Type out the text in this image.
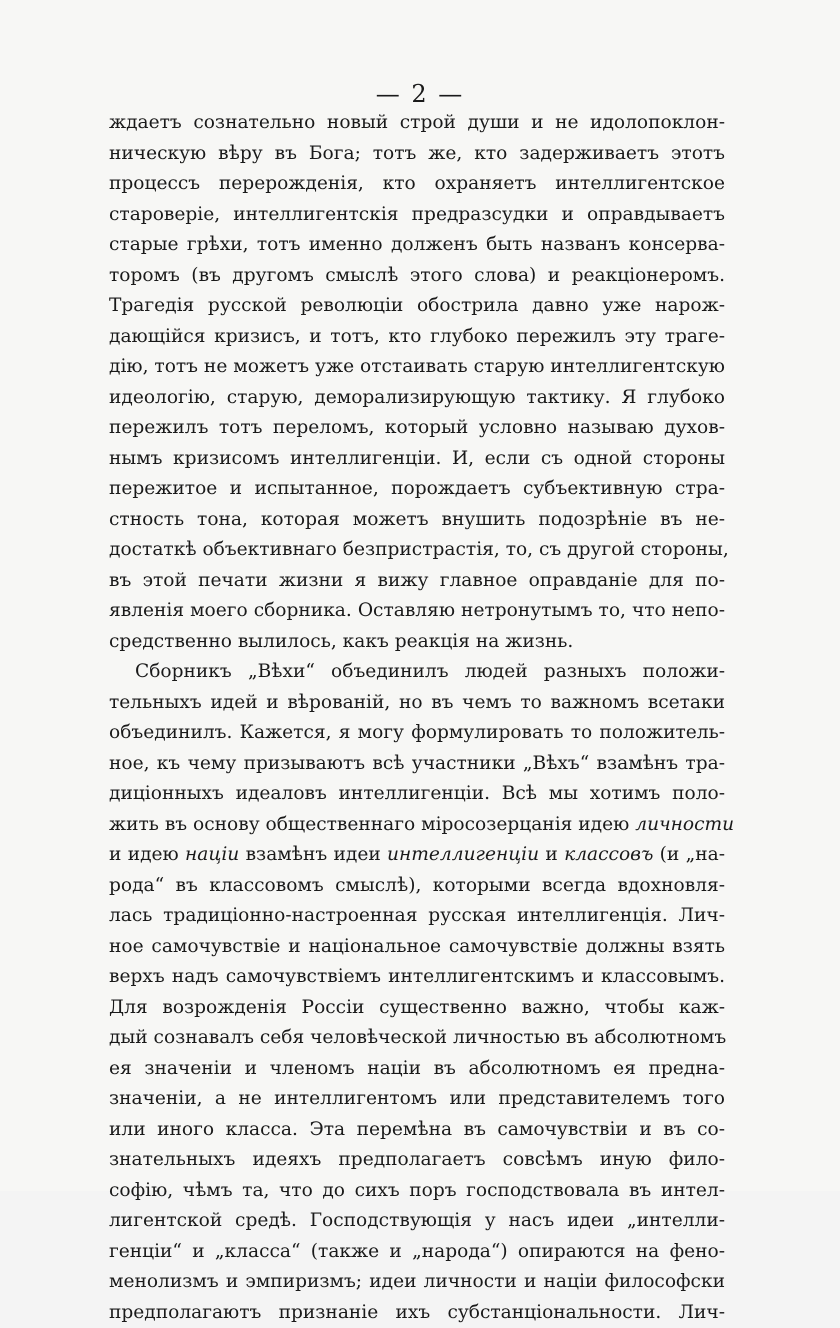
— 2 —
ждаетъ сознательно новый строй души и не идолопоклон-
ническую вѣру въ Бога; тотъ же, кто задерживаетъ этотъ
процессъ перерожденія, кто охраняетъ интеллигентское
староверіе, интеллигентскія предразсудки и оправдываетъ
старые грѣхи, тотъ именно долженъ быть названъ консерва-
торомъ (въ другомъ смыслѣ этого слова) и реакціонеромъ.
Трагедія русской революціи обострила давно уже нарож-
дающійся кризисъ, и тотъ, кто глубоко пережилъ эту траге-
дію, тотъ не можетъ уже отстаивать старую интеллигентскую
идеологію, старую, деморализирующую тактику. Я глубоко
пережилъ тотъ переломъ, который условно называю духов-
нымъ кризисомъ интеллигенціи. И, если съ одной стороны
пережитое и испытанное, порождаетъ субъективную стра-
стность тона, которая можетъ внушить подозрѣніе въ не-
достаткѣ объективнаго безпристрастія, то, съ другой стороны,
въ этой печати жизни я вижу главное оправданіе для по-
явленія моего сборника. Оставляю нетронутымъ то, что непо-
средственно вылилось, какъ реакція на жизнь.
Сборникъ „Вѣхи“ объединилъ людей разныхъ положи-
тельныхъ идей и вѣрованій, но въ чемъ то важномъ всетаки
объединилъ. Кажется, я могу формулировать то положитель-
ное, къ чему призываютъ всѣ участники „Вѣхъ“ взамѣнъ тра-
диціонныхъ идеаловъ интеллигенціи. Всѣ мы хотимъ поло-
жить въ основу общественнаго міросозерцанія идею личности
и идею націи взамѣнъ идеи интеллигенціи и классовъ (и „на-
рода“ въ классовомъ смыслѣ), которыми всегда вдохновля-
лась традиціонно-настроенная русская интеллигенція. Лич-
ное самочувствіе и національное самочувствіе должны взять
верхъ надъ самочувствіемъ интеллигентскимъ и классовымъ.
Для возрожденія Россіи существенно важно, чтобы каж-
дый сознавалъ себя человѣческой личностью въ абсолютномъ
ея значеніи и членомъ націи въ абсолютномъ ея предна-
значеніи, а не интеллигентомъ или представителемъ того
или иного класса. Эта перемѣна въ самочувствіи и въ со-
знательныхъ идеяхъ предполагаетъ совсѣмъ иную фило-
софію, чѣмъ та, что до сихъ поръ господствовала въ интел-
лигентской средѣ. Господствующія у насъ идеи „интелли-
генціи“ и „класса“ (также и „народа“) опираются на фено-
менолизмъ и эмпиризмъ; идеи личности и націи философски
предполагаютъ признаніе ихъ субстанціональности. Лич-
